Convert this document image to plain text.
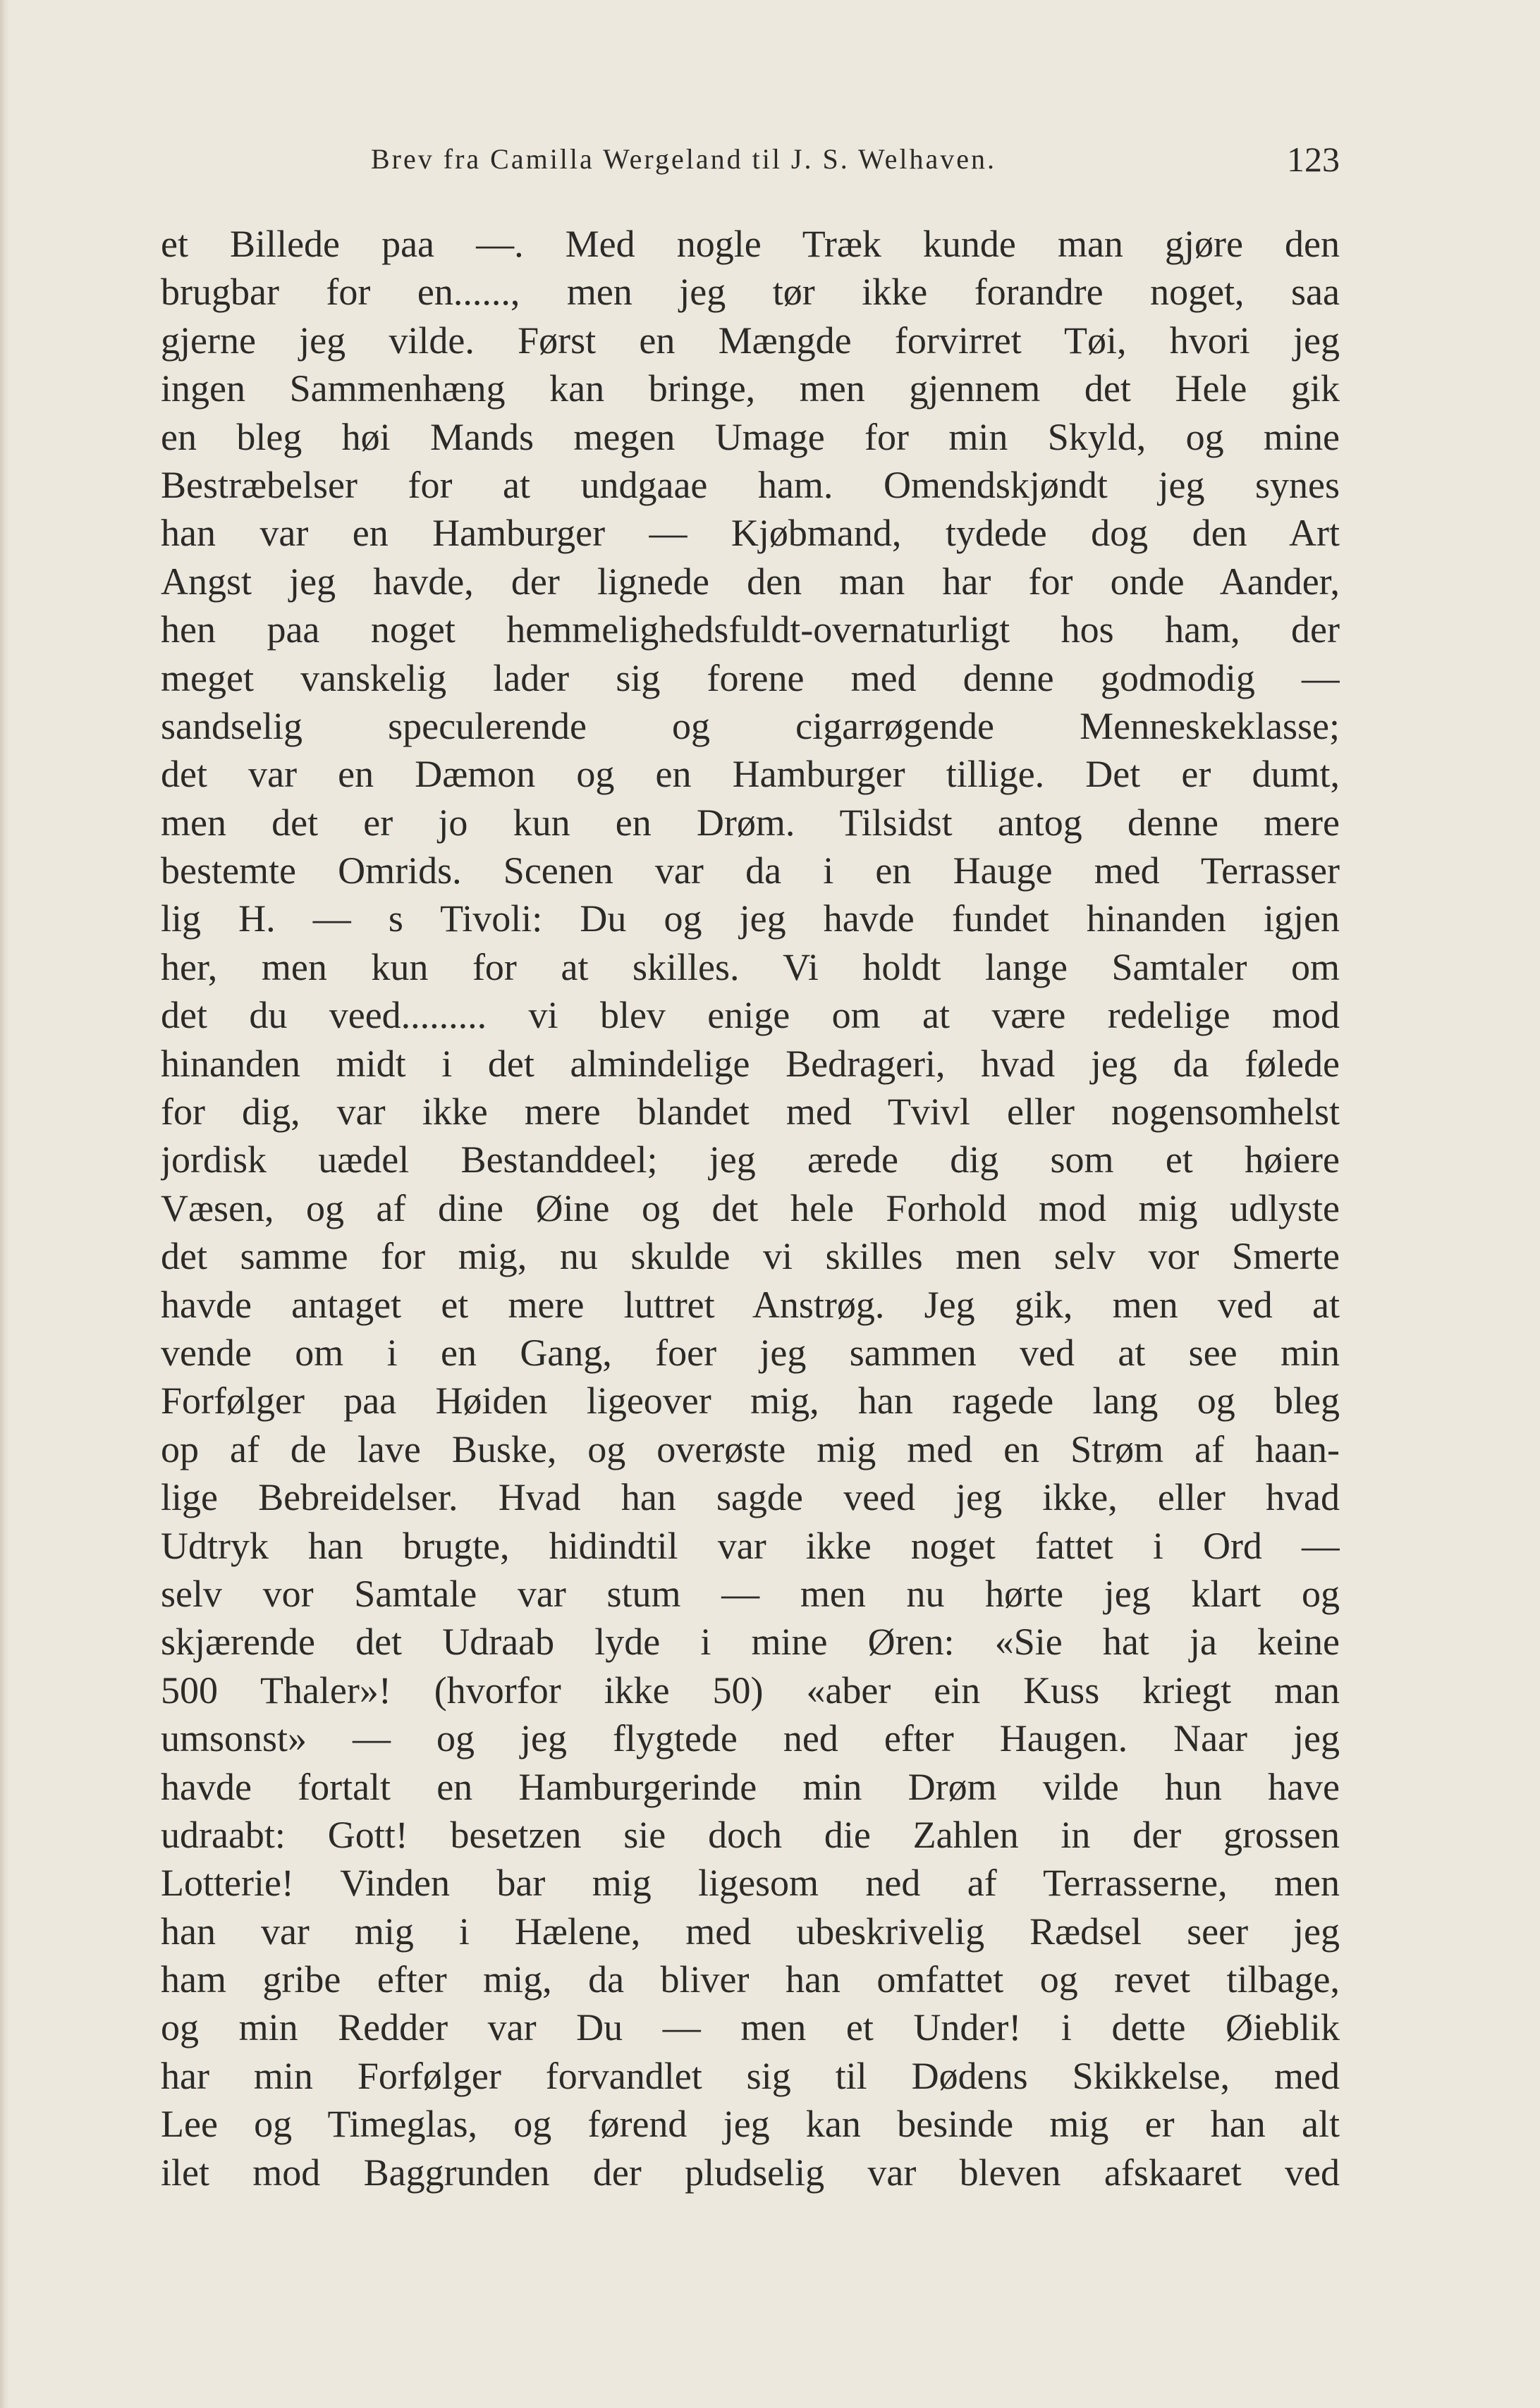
Brev fra Camilla Wergeland til J. S. Welhaven.	123
et Billede paa —. Med nogle Træk kunde man gjøre den
brugbar for en......, men jeg tør ikke forandre noget, saa
gjerne jeg vilde. Først en Mængde forvirret Tøi, hvori jeg
ingen Sammenhæng kan bringe, men gjennem det Hele gik
en bleg høi Mands megen Umage for min Skyld, og mine
Bestræbelser for at undgaae ham. Omendskjøndt jeg synes
han var en Hamburger — Kjøbmand, tydede dog den Art
Angst jeg havde, der lignede den man har for onde Aander,
hen paa noget hemmelighedsfuldt-overnaturligt hos ham, der
meget vanskelig lader sig forene med denne godmodig —
sandselig speculerende og cigarrøgende Menneskeklasse;
det var en Dæmon og en Hamburger tillige. Det er dumt,
men det er jo kun en Drøm. Tilsidst antog denne mere
bestemte Omrids. Scenen var da i en Hauge med Terrasser
lig H. — s Tivoli: Du og jeg havde fundet hinanden igjen
her, men kun for at skilles. Vi holdt lange Samtaler om
det du veed......... vi blev enige om at være redelige mod
hinanden midt i det almindelige Bedrageri, hvad jeg da følede
for dig, var ikke mere blandet med Tvivl eller nogensomhelst
jordisk uædel Bestanddeel; jeg ærede dig som et høiere
Væsen, og af dine Øine og det hele Forhold mod mig udlyste
det samme for mig, nu skulde vi skilles men selv vor Smerte
havde antaget et mere luttret Anstrøg. Jeg gik, men ved at
vende om i en Gang, foer jeg sammen ved at see min
Forfølger paa Høiden ligeover mig, han ragede lang og bleg
op af de lave Buske, og overøste mig med en Strøm af haan-
lige Bebreidelser. Hvad han sagde veed jeg ikke, eller hvad
Udtryk han brugte, hidindtil var ikke noget fattet i Ord —
selv vor Samtale var stum — men nu hørte jeg klart og
skjærende det Udraab lyde i mine Øren: «Sie hat ja keine
500 Thaler»! (hvorfor ikke 50) «aber ein Kuss kriegt man
umsonst» — og jeg flygtede ned efter Haugen. Naar jeg
havde fortalt en Hamburgerinde min Drøm vilde hun have
udraabt: Gott! besetzen sie doch die Zahlen in der grossen
Lotterie! Vinden bar mig ligesom ned af Terrasserne, men
han var mig i Hælene, med ubeskrivelig Rædsel seer jeg
ham gribe efter mig, da bliver han omfattet og revet tilbage,
og min Redder var Du — men et Under! i dette Øieblik
har min Forfølger forvandlet sig til Dødens Skikkelse, med
Lee og Timeglas, og førend jeg kan besinde mig er han alt
ilet mod Baggrunden der pludselig var bleven afskaaret ved
